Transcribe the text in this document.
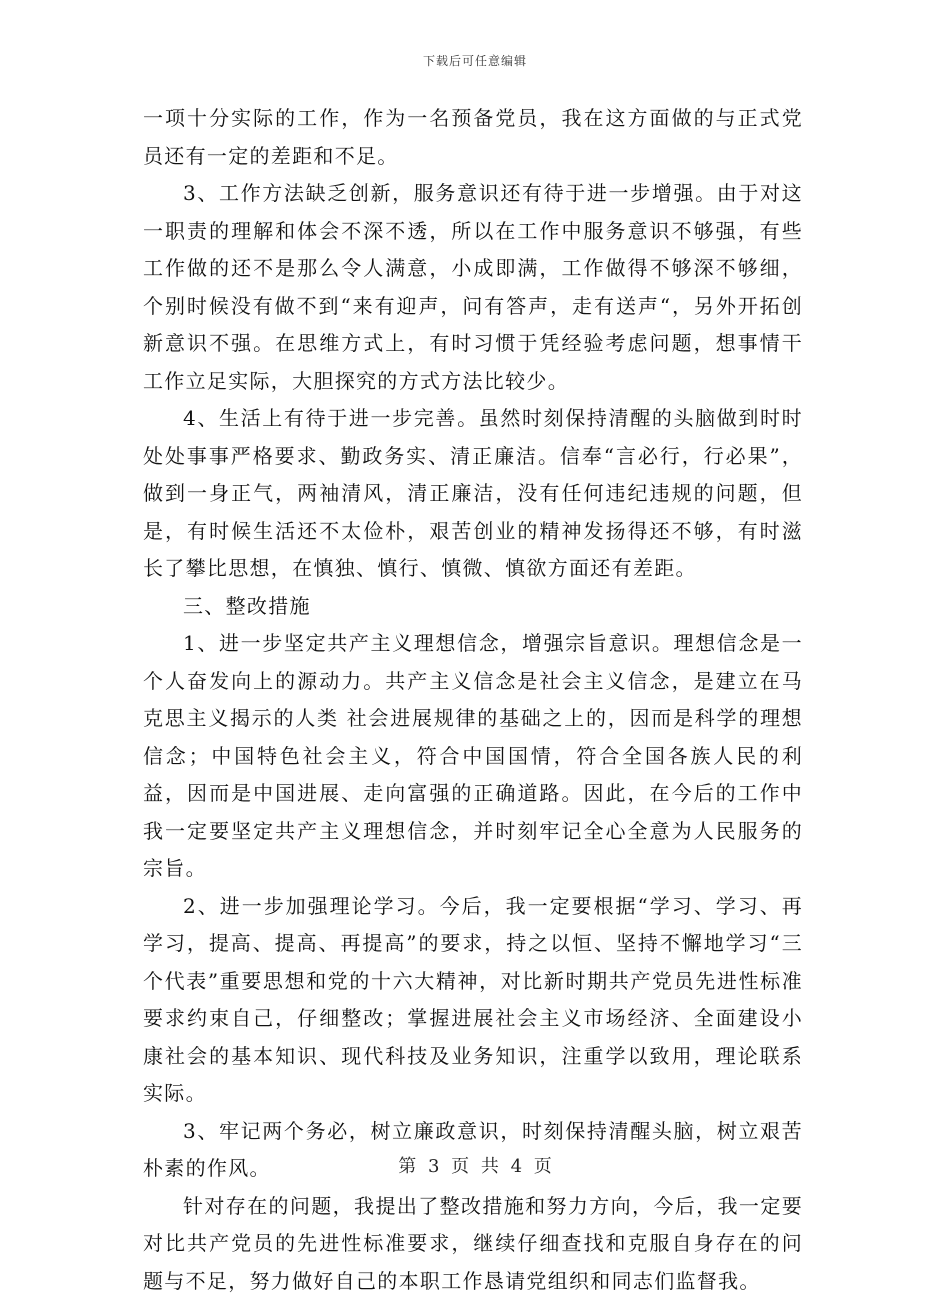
下载后可任意编辑

一项十分实际的工作，作为一名预备党员，我在这方面做的与正式党员还有一定的差距和不足。

3、工作方法缺乏创新，服务意识还有待于进一步增强。由于对这一职责的理解和体会不深不透，所以在工作中服务意识不够强，有些工作做的还不是那么令人满意，小成即满，工作做得不够深不够细，个别时候没有做不到“来有迎声，问有答声，走有送声“，另外开拓创新意识不强。在思维方式上，有时习惯于凭经验考虑问题，想事情干工作立足实际，大胆探究的方式方法比较少。

4、生活上有待于进一步完善。虽然时刻保持清醒的头脑做到时时处处事事严格要求、勤政务实、清正廉洁。信奉“言必行，行必果”，做到一身正气，两袖清风，清正廉洁，没有任何违纪违规的问题，但是，有时候生活还不太俭朴，艰苦创业的精神发扬得还不够，有时滋长了攀比思想，在慎独、慎行、慎微、慎欲方面还有差距。

三、整改措施

1、进一步坚定共产主义理想信念，增强宗旨意识。理想信念是一个人奋发向上的源动力。共产主义信念是社会主义信念，是建立在马克思主义揭示的人类 社会进展规律的基础之上的，因而是科学的理想信念；中国特色社会主义，符合中国国情，符合全国各族人民的利益，因而是中国进展、走向富强的正确道路。因此，在今后的工作中我一定要坚定共产主义理想信念，并时刻牢记全心全意为人民服务的宗旨。

2、进一步加强理论学习。今后，我一定要根据“学习、学习、再学习，提高、提高、再提高”的要求，持之以恒、坚持不懈地学习“三个代表”重要思想和党的十六大精神，对比新时期共产党员先进性标准要求约束自己，仔细整改；掌握进展社会主义市场经济、全面建设小康社会的基本知识、现代科技及业务知识，注重学以致用，理论联系实际。

3、牢记两个务必，树立廉政意识，时刻保持清醒头脑，树立艰苦朴素的作风。

针对存在的问题，我提出了整改措施和努力方向，今后，我一定要对比共产党员的先进性标准要求，继续仔细查找和克服自身存在的问题与不足，努力做好自己的本职工作恳请党组织和同志们监督我。

第 3 页 共 4 页
